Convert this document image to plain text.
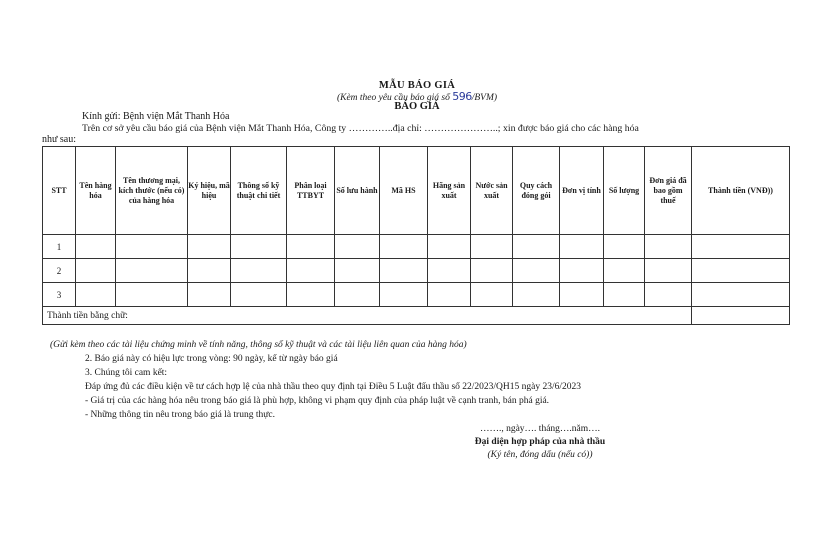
MẪU BÁO GIÁ
(Kèm theo yêu cầu báo giá số 596/BVM)
BÁO GIÁ
Kính gửi: Bệnh viện Mắt Thanh Hóa
Trên cơ sở yêu cầu báo giá của Bệnh viện Mắt Thanh Hóa, Công ty …………..địa chỉ: …………………..; xin được báo giá cho các hàng hóa
như sau:
STT	Tên hàng hóa	Tên thương mại, kích thước (nếu có) của hàng hóa	Ký hiệu, mã hiệu	Thông số kỹ thuật chi tiết	Phân loại TTBYT	Số lưu hành	Mã HS	Hãng sản xuất	Nước sản xuất	Quy cách đóng gói	Đơn vị tính	Số lượng	Đơn giá đã bao gồm thuế	Thành tiền (VNĐ))
1														
2														
3														
Thành tiền bằng chữ:														
(Gửi kèm theo các tài liệu chứng minh về tính năng, thông số kỹ thuật và các tài liệu liên quan của hàng hóa)
2. Báo giá này có hiệu lực trong vòng: 90 ngày, kể từ ngày báo giá
3. Chúng tôi cam kết:
Đáp ứng đủ các điều kiện về tư cách hợp lệ của nhà thầu theo quy định tại Điều 5 Luật đấu thầu số 22/2023/QH15 ngày 23/6/2023
- Giá trị của các hàng hóa nêu trong báo giá là phù hợp, không vi phạm quy định của pháp luật về cạnh tranh, bán phá giá.
- Những thông tin nêu trong báo giá là trung thực.
……., ngày…. tháng….năm….
Đại diện hợp pháp của nhà thầu
(Ký tên, đóng dấu (nếu có))
